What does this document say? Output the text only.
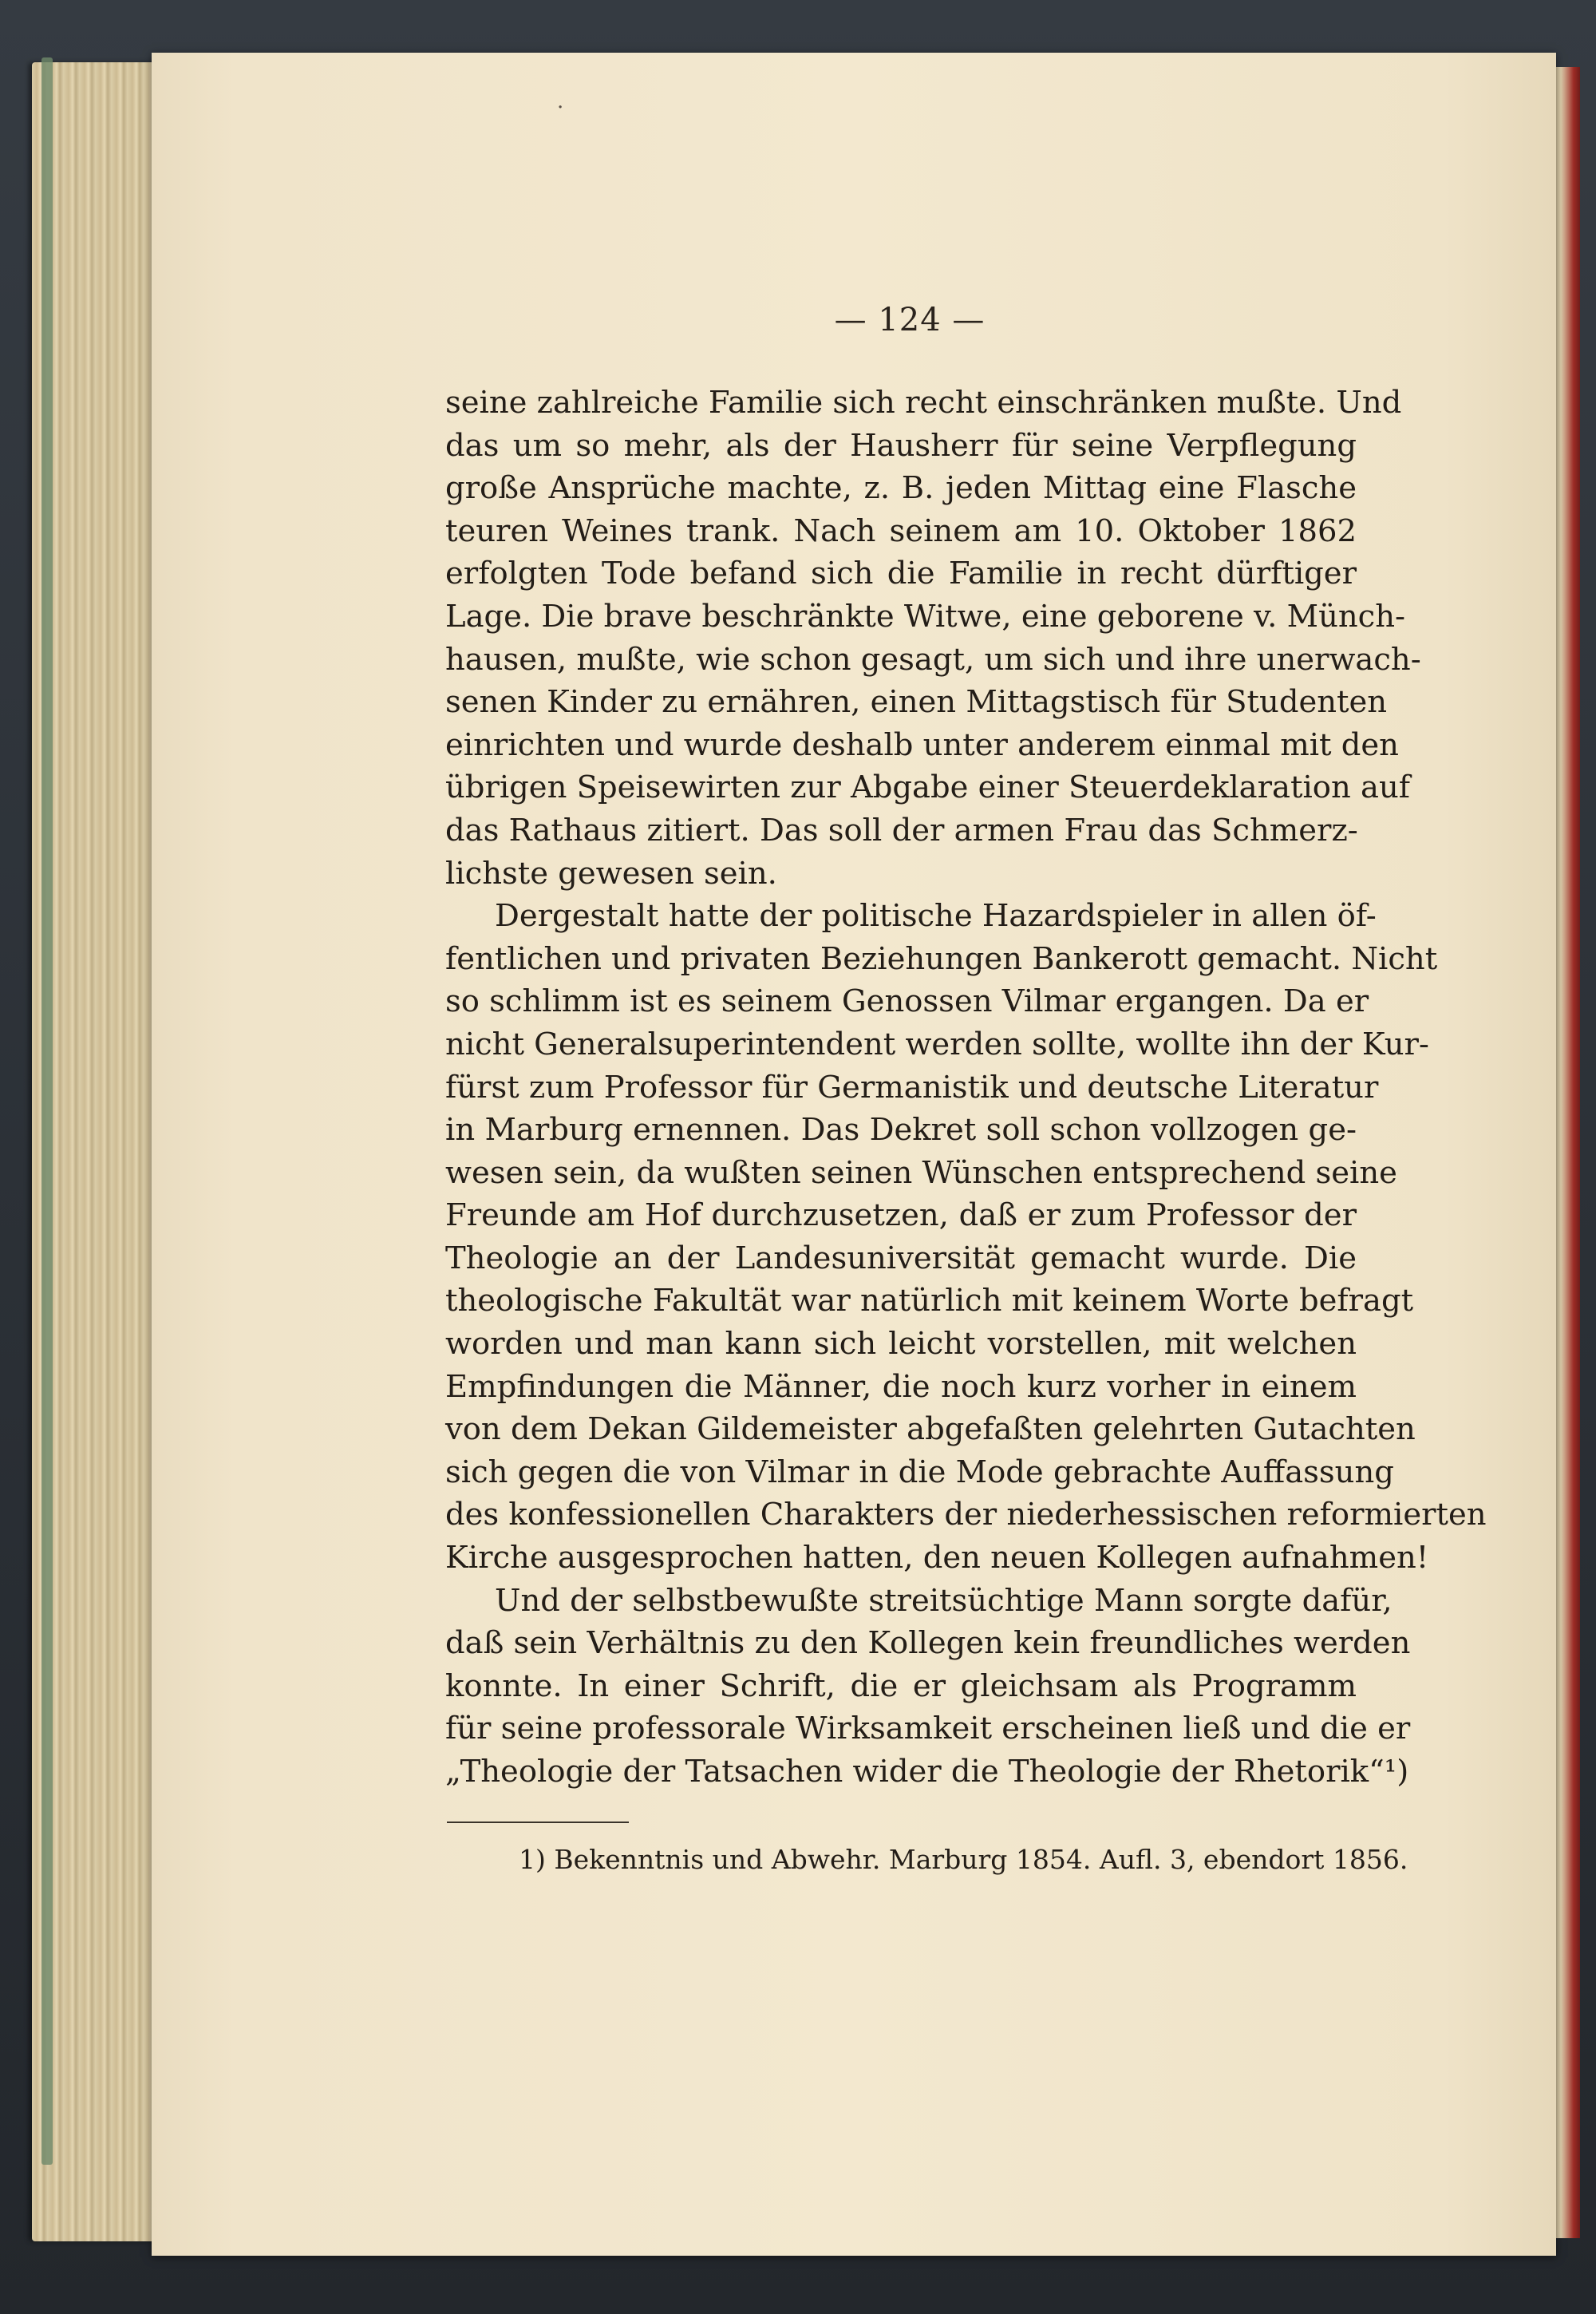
·
— 124 —
seine zahlreiche Familie sich recht einschränken mußte. Und
das um so mehr, als der Hausherr für seine Verpflegung
große Ansprüche machte, z. B. jeden Mittag eine Flasche
teuren Weines trank. Nach seinem am 10. Oktober 1862
erfolgten Tode befand sich die Familie in recht dürftiger
Lage. Die brave beschränkte Witwe, eine geborene v. Münch-
hausen, mußte, wie schon gesagt, um sich und ihre unerwach-
senen Kinder zu ernähren, einen Mittagstisch für Studenten
einrichten und wurde deshalb unter anderem einmal mit den
übrigen Speisewirten zur Abgabe einer Steuerdeklaration auf
das Rathaus zitiert. Das soll der armen Frau das Schmerz-
lichste gewesen sein.
Dergestalt hatte der politische Hazardspieler in allen öf-
fentlichen und privaten Beziehungen Bankerott gemacht. Nicht
so schlimm ist es seinem Genossen Vilmar ergangen. Da er
nicht Generalsuperintendent werden sollte, wollte ihn der Kur-
fürst zum Professor für Germanistik und deutsche Literatur
in Marburg ernennen. Das Dekret soll schon vollzogen ge-
wesen sein, da wußten seinen Wünschen entsprechend seine
Freunde am Hof durchzusetzen, daß er zum Professor der
Theologie an der Landesuniversität gemacht wurde. Die
theologische Fakultät war natürlich mit keinem Worte befragt
worden und man kann sich leicht vorstellen, mit welchen
Empfindungen die Männer, die noch kurz vorher in einem
von dem Dekan Gildemeister abgefaßten gelehrten Gutachten
sich gegen die von Vilmar in die Mode gebrachte Auffassung
des konfessionellen Charakters der niederhessischen reformierten
Kirche ausgesprochen hatten, den neuen Kollegen aufnahmen!
Und der selbstbewußte streitsüchtige Mann sorgte dafür,
daß sein Verhältnis zu den Kollegen kein freundliches werden
konnte. In einer Schrift, die er gleichsam als Programm
für seine professorale Wirksamkeit erscheinen ließ und die er
„Theologie der Tatsachen wider die Theologie der Rhetorik“¹)
1) Bekenntnis und Abwehr. Marburg 1854. Aufl. 3, ebendort 1856.
